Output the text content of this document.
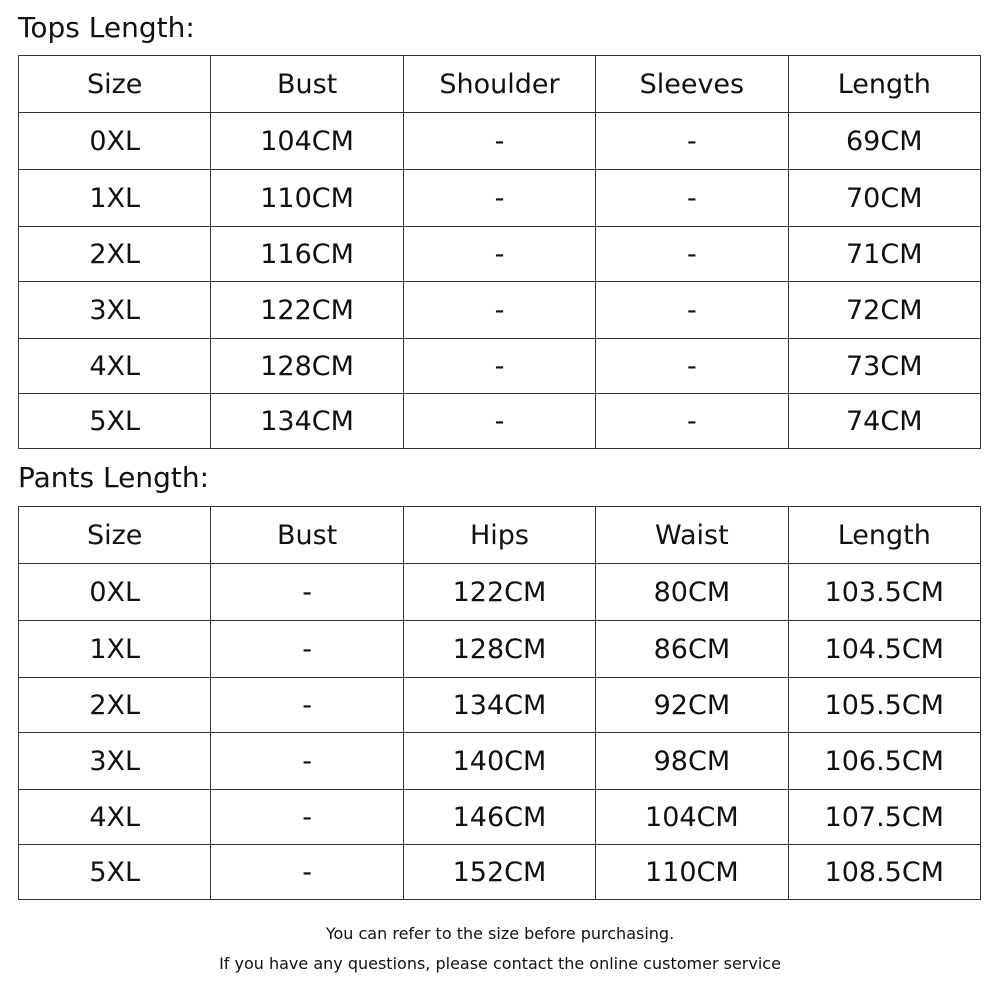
Tops Length:
Size	Bust	Shoulder	Sleeves	Length
0XL	104CM	-	-	69CM
1XL	110CM	-	-	70CM
2XL	116CM	-	-	71CM
3XL	122CM	-	-	72CM
4XL	128CM	-	-	73CM
5XL	134CM	-	-	74CM
Pants Length:
Size	Bust	Hips	Waist	Length
0XL	-	122CM	80CM	103.5CM
1XL	-	128CM	86CM	104.5CM
2XL	-	134CM	92CM	105.5CM
3XL	-	140CM	98CM	106.5CM
4XL	-	146CM	104CM	107.5CM
5XL	-	152CM	110CM	108.5CM
You can refer to the size before purchasing.
If you have any questions, please contact the online customer service
